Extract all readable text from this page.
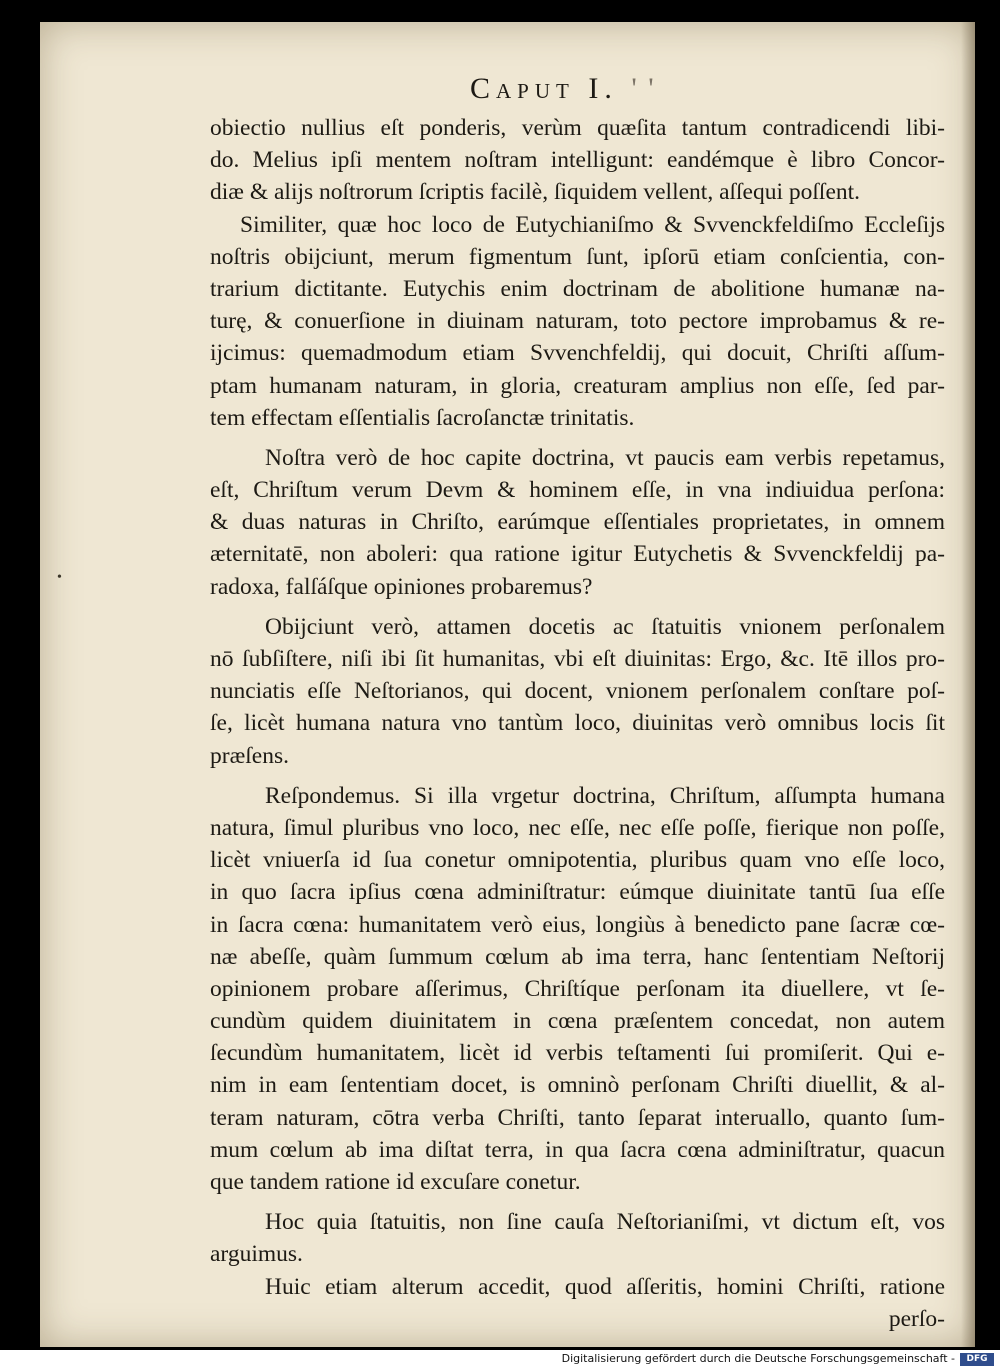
Caput I. ' '
•
obiectio nullius eſt ponderis, verùm quæſita tantum contradicendi libi-
do. Melius ipſi mentem noſtram intelligunt: eandémque è libro Concor-
diæ & alijs noſtrorum ſcriptis facilè, ſiquidem vellent, aſſequi poſſent.
Similiter, quæ hoc loco de Eutychianiſmo & Svvenckfeldiſmo Eccleſijs
noſtris obijciunt, merum figmentum ſunt, ipſorū etiam conſcientia, con-
trarium dictitante. Eutychis enim doctrinam de abolitione humanæ na-
turę, & conuerſione in diuinam naturam, toto pectore improbamus & re-
ijcimus: quemadmodum etiam Svvenchfeldij, qui docuit, Chriſti aſſum-
ptam humanam naturam, in gloria, creaturam amplius non eſſe, ſed par-
tem effectam eſſentialis ſacroſanctæ trinitatis.
Noſtra verò de hoc capite doctrina, vt paucis eam verbis repetamus,
eſt, Chriſtum verum Devm & hominem eſſe, in vna indiuidua perſona:
& duas naturas in Chriſto, earúmque eſſentiales proprietates, in omnem
æternitatē, non aboleri: qua ratione igitur Eutychetis & Svvenckfeldij pa-
radoxa, falſáſque opiniones probaremus?
Obijciunt verò, attamen docetis ac ſtatuitis vnionem perſonalem
nō ſubſiſtere, niſi ibi ſit humanitas, vbi eſt diuinitas: Ergo, &c. Itē illos pro-
nunciatis eſſe Neſtorianos, qui docent, vnionem perſonalem conſtare poſ-
ſe, licèt humana natura vno tantùm loco, diuinitas verò omnibus locis ſit
præſens.
Reſpondemus. Si illa vrgetur doctrina, Chriſtum, aſſumpta humana
natura, ſimul pluribus vno loco, nec eſſe, nec eſſe poſſe, fierique non poſſe,
licèt vniuerſa id ſua conetur omnipotentia, pluribus quam vno eſſe loco,
in quo ſacra ipſius cœna adminiſtratur: eúmque diuinitate tantū ſua eſſe
in ſacra cœna: humanitatem verò eius, longiùs à benedicto pane ſacræ cœ-
næ abeſſe, quàm ſummum cœlum ab ima terra, hanc ſententiam Neſtorij
opinionem probare aſſerimus, Chriſtíque perſonam ita diuellere, vt ſe-
cundùm quidem diuinitatem in cœna præſentem concedat, non autem
ſecundùm humanitatem, licèt id verbis teſtamenti ſui promiſerit. Qui e-
nim in eam ſententiam docet, is omninò perſonam Chriſti diuellit, & al-
teram naturam, cōtra verba Chriſti, tanto ſeparat interuallo, quanto ſum-
mum cœlum ab ima diſtat terra, in qua ſacra cœna adminiſtratur, quacun
que tandem ratione id excuſare conetur.
Hoc quia ſtatuitis, non ſine cauſa Neſtorianiſmi, vt dictum eſt, vos
arguimus.
Huic etiam alterum accedit, quod aſſeritis, homini Chriſti, ratione
perſo-
Digitalisierung gefördert durch die Deutsche Forschungsgemeinschaft -	DFG
